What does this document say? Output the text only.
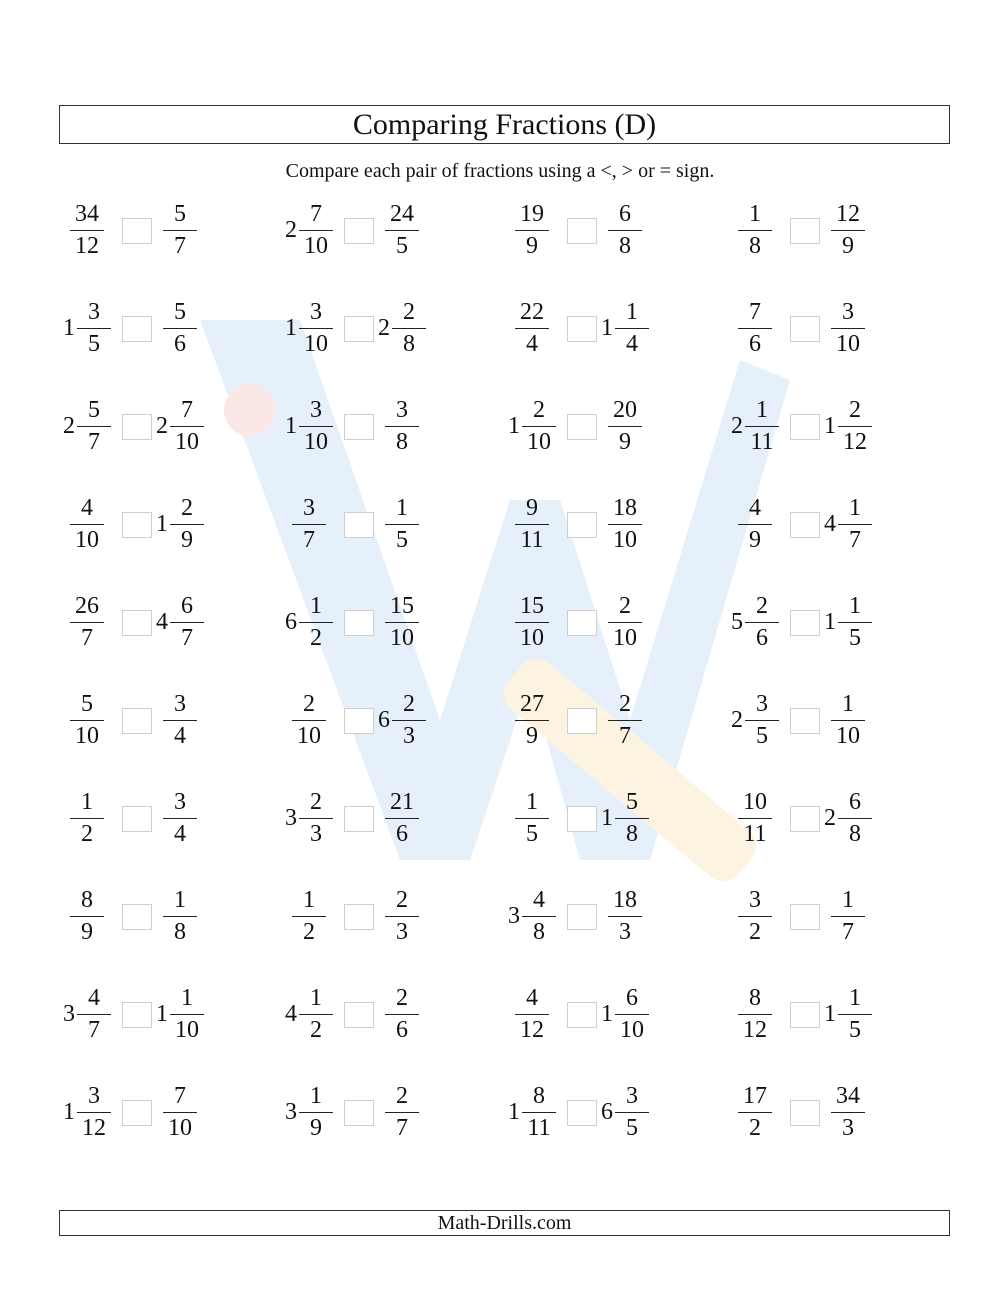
Comparing Fractions (D)
Compare each pair of fractions using a <, > or = sign.
34
12
5
7
2
7
10
24
5
19
9
6
8
1
8
12
9
1
3
5
5
6
1
3
10
2
2
8
22
4
1
1
4
7
6
3
10
2
5
7
2
7
10
1
3
10
3
8
1
2
10
20
9
2
1
11
1
2
12
4
10
1
2
9
3
7
1
5
9
11
18
10
4
9
4
1
7
26
7
4
6
7
6
1
2
15
10
15
10
2
10
5
2
6
1
1
5
5
10
3
4
2
10
6
2
3
27
9
2
7
2
3
5
1
10
1
2
3
4
3
2
3
21
6
1
5
1
5
8
10
11
2
6
8
8
9
1
8
1
2
2
3
3
4
8
18
3
3
2
1
7
3
4
7
1
1
10
4
1
2
2
6
4
12
1
6
10
8
12
1
1
5
1
3
12
7
10
3
1
9
2
7
1
8
11
6
3
5
17
2
34
3
Math-Drills.com
